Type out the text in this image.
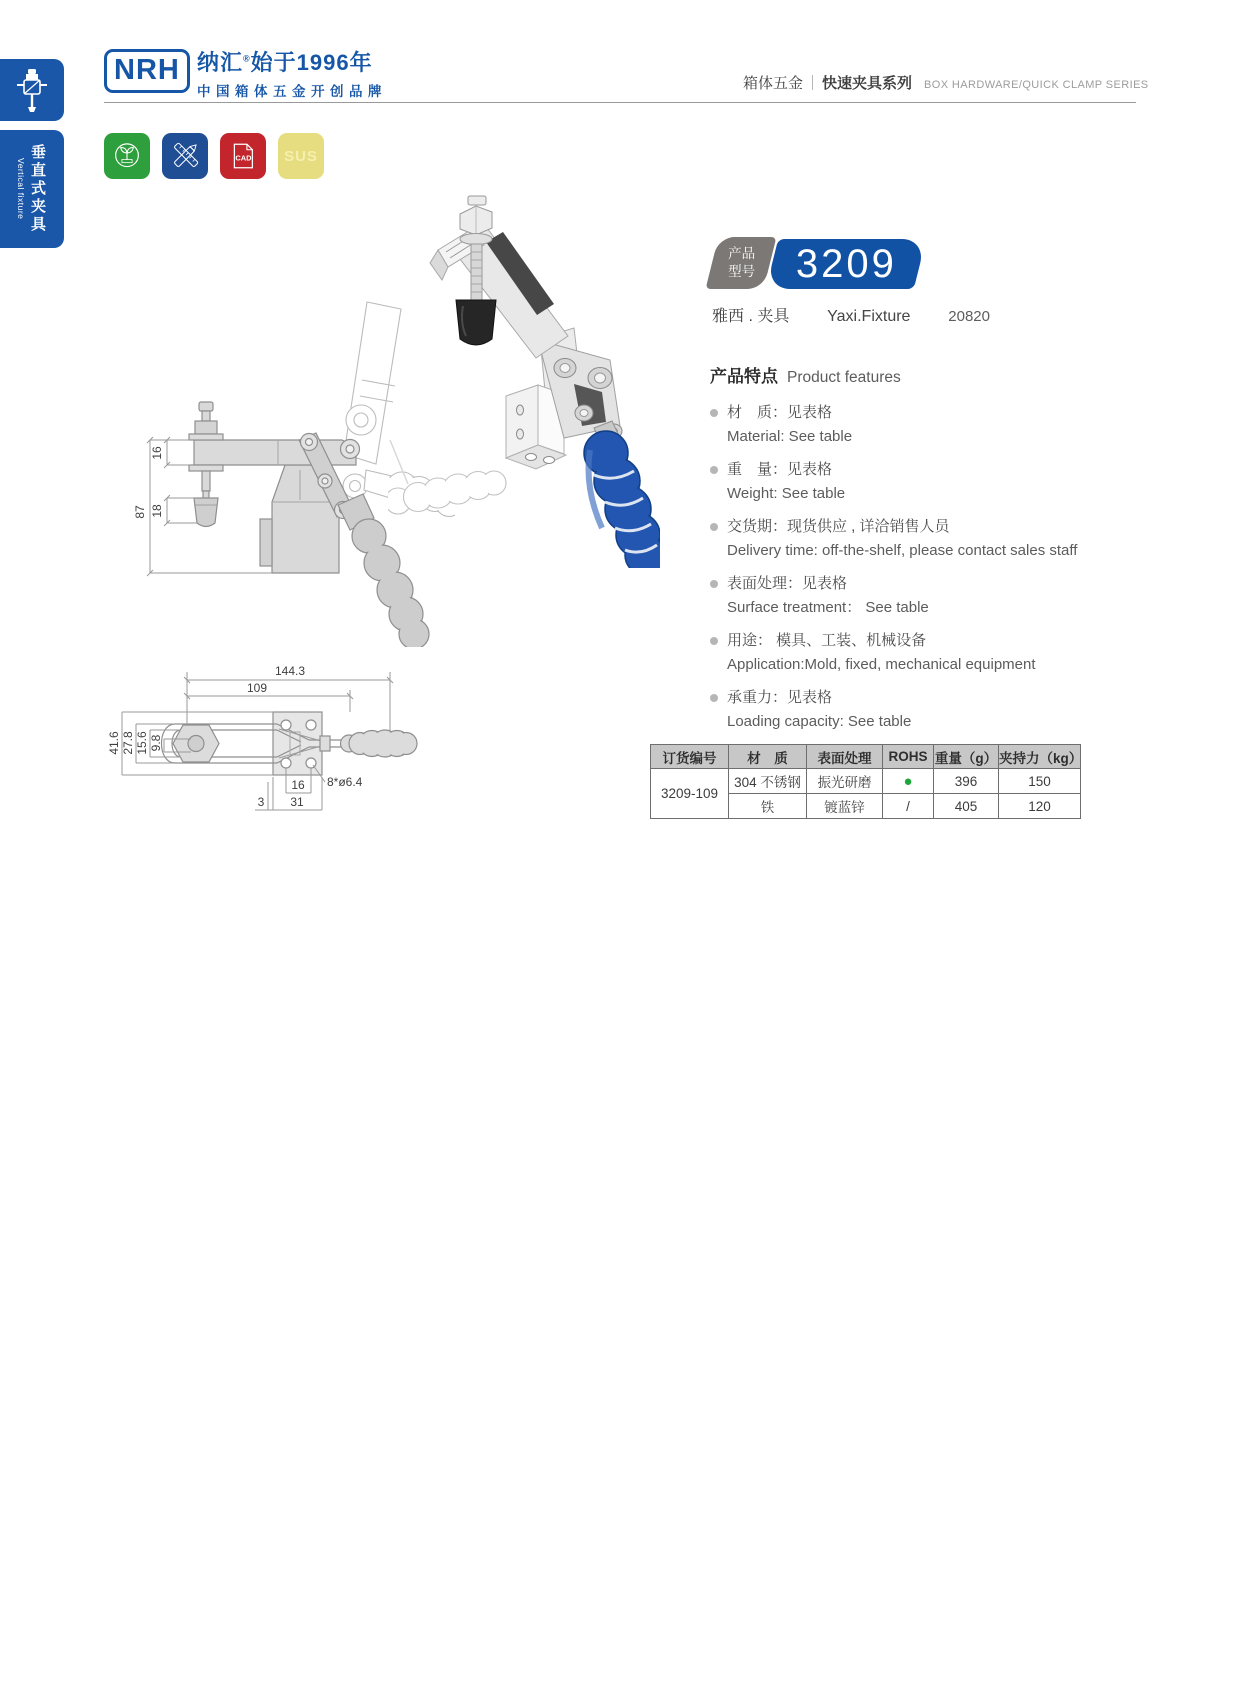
Vertical fixture 垂直式夹具
NRH 纳汇®始于1996年
中国箱体五金开创品牌	箱体五金 ｜ 快速夹具系列 BOX HARDWARE/QUICK CLAMP SERIES
CAD SUS
87
16
18
产品
型号 3209
雅西 . 夹具 Yaxi.Fixture	20820
产品特点 Product features
材　质：见表格
Material: See table
重　量：见表格
Weight: See table
交货期：现货供应 , 详洽销售人员
Delivery time: off-the-shelf, please contact sales staff
表面处理：见表格
Surface treatment： See table
用途： 模具、工装、机械设备
Application:Mold, fixed, mechanical equipment
承重力：见表格
Loading capacity: See table
144.3
109
41.6 27.8 15.6 9.8
16
31
3
8*ø6.4
订货编号	材　质	表面处理	ROHS	重量（g）	夹持力（kg）
3209-109	304 不锈钢	振光研磨	●	396	150
	铁	镀蓝锌	/	405	120
